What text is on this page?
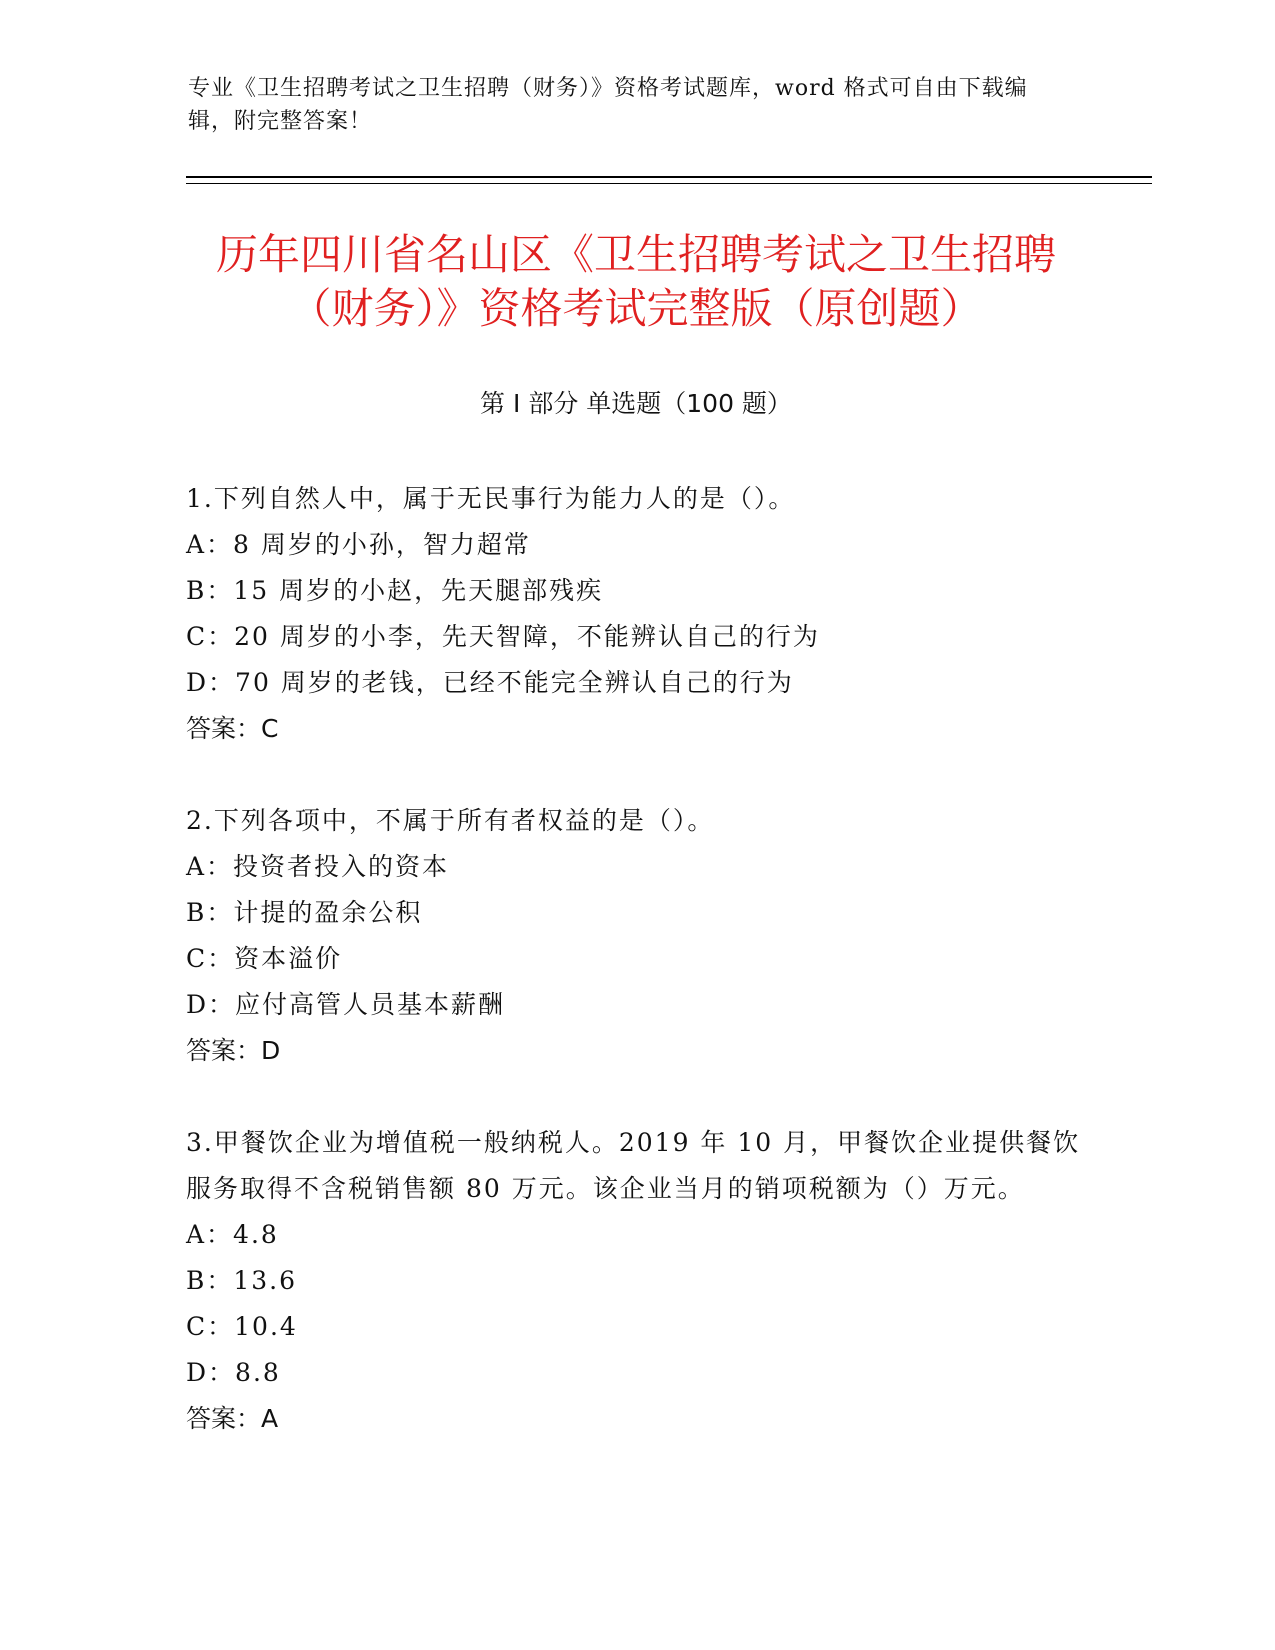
专业《卫生招聘考试之卫生招聘（财务）》资格考试题库，word 格式可自由下载编辑，附完整答案！
历年四川省名山区《卫生招聘考试之卫生招聘（财务）》资格考试完整版（原创题）
第 I 部分 单选题（100 题）

1.下列自然人中，属于无民事行为能力人的是（）。

A：8 周岁的小孙，智力超常

B：15 周岁的小赵，先天腿部残疾

C：20 周岁的小李，先天智障，不能辨认自己的行为

D：70 周岁的老钱，已经不能完全辨认自己的行为

答案：C

2.下列各项中，不属于所有者权益的是（）。

A：投资者投入的资本

B：计提的盈余公积

C：资本溢价

D：应付高管人员基本薪酬

答案：D

3.甲餐饮企业为增值税一般纳税人。2019 年 10 月，甲餐饮企业提供餐饮服务取得不含税销售额 80 万元。该企业当月的销项税额为（）万元。

A：4.8

B：13.6

C：10.4

D：8.8

答案：A
